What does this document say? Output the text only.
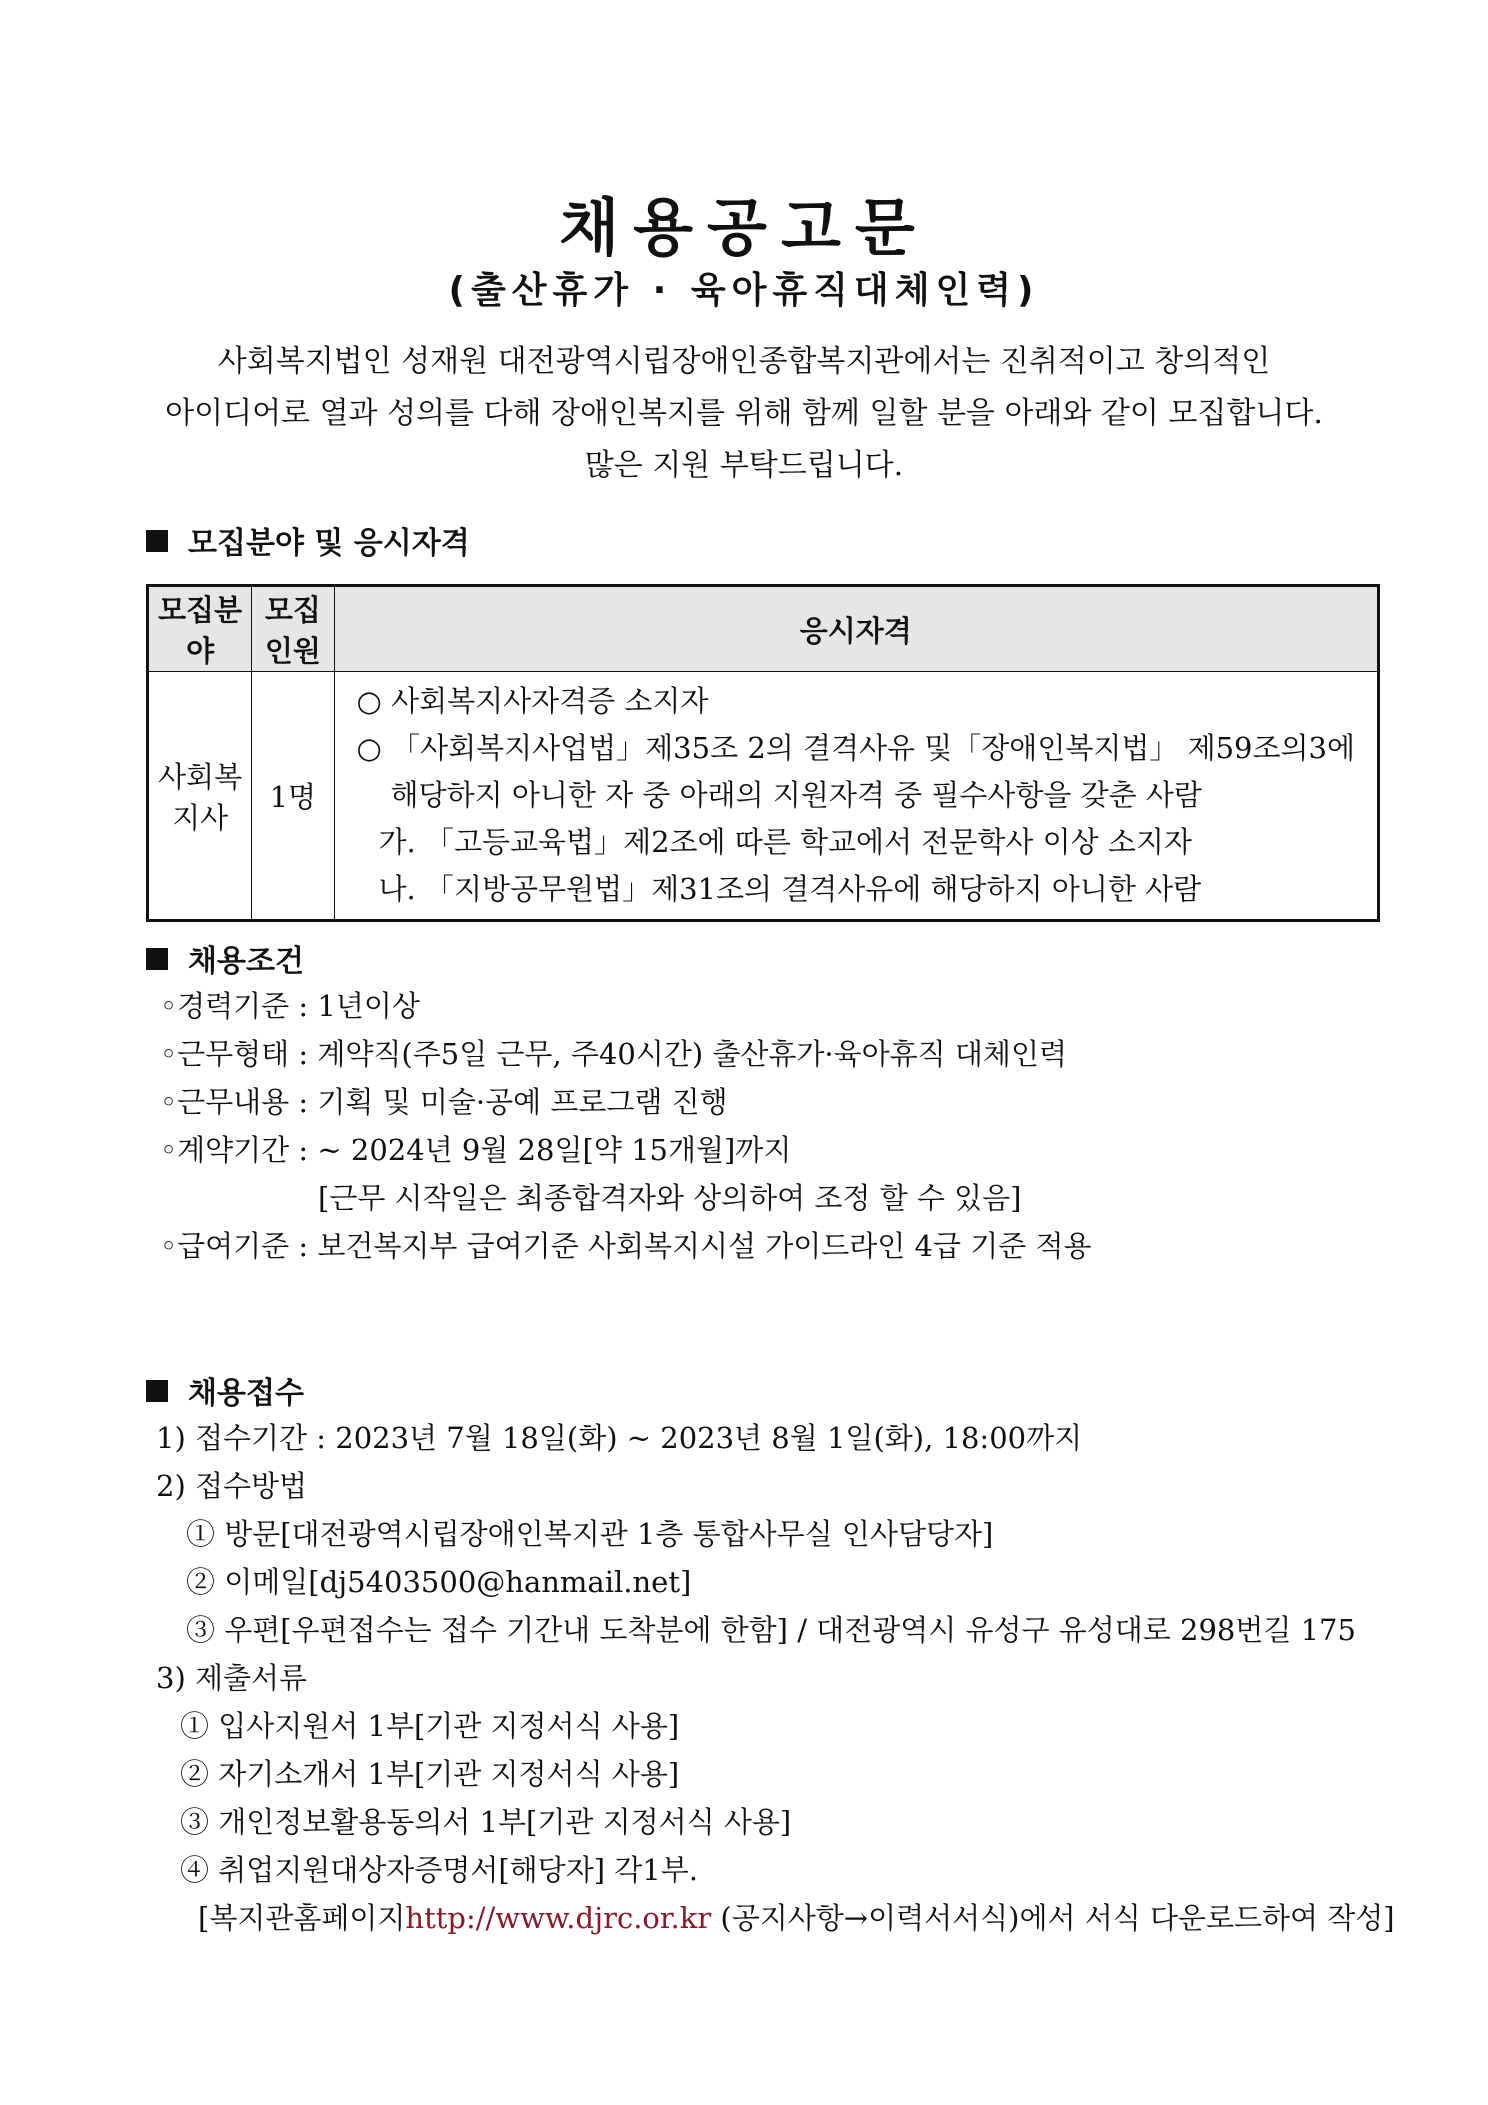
채용공고문
(출산휴가 · 육아휴직대체인력)
사회복지법인 성재원 대전광역시립장애인종합복지관에서는 진취적이고 창의적인
아이디어로 열과 성의를 다해 장애인복지를 위해 함께 일할 분을 아래와 같이 모집합니다.
많은 지원 부탁드립니다.
모집분야 및 응시자격
모집분야	모집인원	응시자격
사회복지사	1명	○ 사회복지사자격증 소지자
○ 「사회복지사업법」제35조 2의 결격사유 및「장애인복지법」 제59조의3에
해당하지 아니한 자 중 아래의 지원자격 중 필수사항을 갖춘 사람
가. 「고등교육법」제2조에 따른 학교에서 전문학사 이상 소지자
나. 「지방공무원법」제31조의 결격사유에 해당하지 아니한 사람
채용조건
◦경력기준 : 1년이상
◦근무형태 : 계약직(주5일 근무, 주40시간) 출산휴가·육아휴직 대체인력
◦근무내용 : 기획 및 미술·공예 프로그램 진행
◦계약기간 : ~ 2024년 9월 28일[약 15개월]까지
[근무 시작일은 최종합격자와 상의하여 조정 할 수 있음]
◦급여기준 : 보건복지부 급여기준 사회복지시설 가이드라인 4급 기준 적용
채용접수
1) 접수기간 : 2023년 7월 18일(화) ~ 2023년 8월 1일(화), 18:00까지
2) 접수방법
① 방문[대전광역시립장애인복지관 1층 통합사무실 인사담당자]
② 이메일[dj5403500@hanmail.net]
③ 우편[우편접수는 접수 기간내 도착분에 한함] / 대전광역시 유성구 유성대로 298번길 175
3) 제출서류
① 입사지원서 1부[기관 지정서식 사용]
② 자기소개서 1부[기관 지정서식 사용]
③ 개인정보활용동의서 1부[기관 지정서식 사용]
④ 취업지원대상자증명서[해당자] 각1부.
[복지관홈페이지http://www.djrc.or.kr (공지사항→이력서서식)에서 서식 다운로드하여 작성]
